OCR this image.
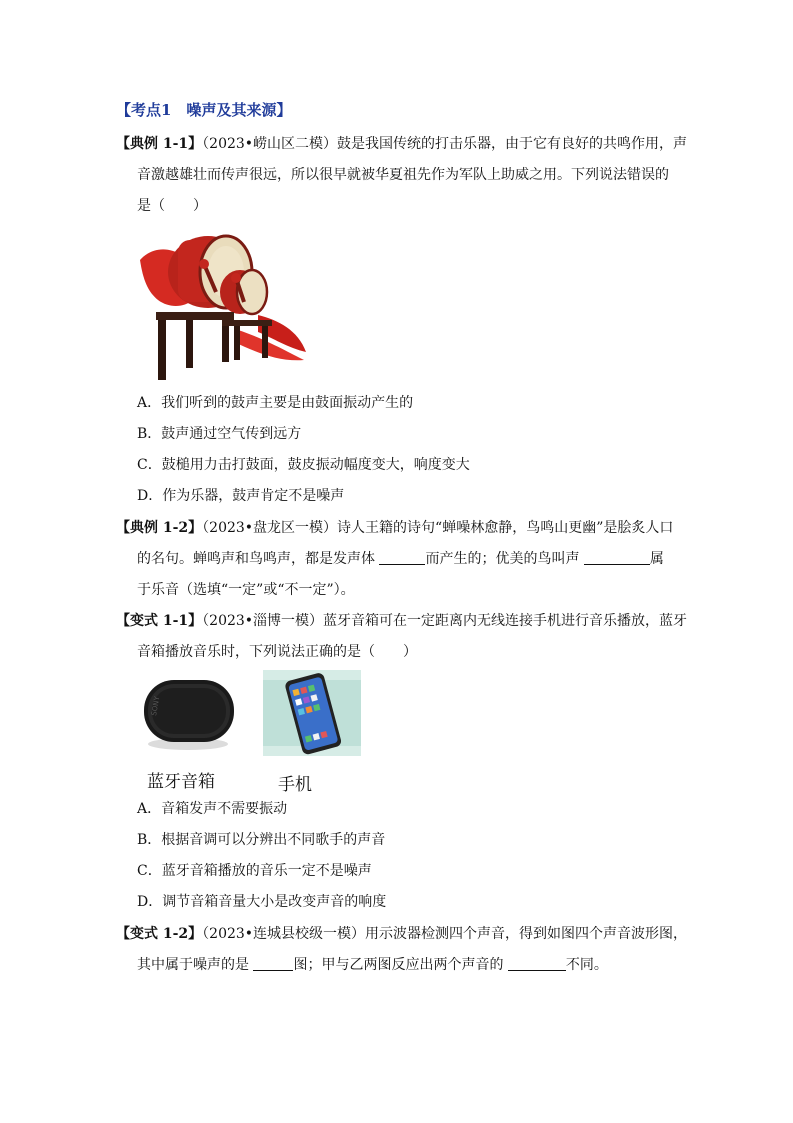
【考点1　噪声及其来源】
【典例 1-1】（2023•崂山区二模）鼓是我国传统的打击乐器，由于它有良好的共鸣作用，声
音激越雄壮而传声很远，所以很早就被华夏祖先作为军队上助威之用。下列说法错误的
是（　　）
A．我们听到的鼓声主要是由鼓面振动产生的
B．鼓声通过空气传到远方
C．鼓槌用力击打鼓面，鼓皮振动幅度变大，响度变大
D．作为乐器，鼓声肯定不是噪声
【典例 1-2】（2023•盘龙区一模）诗人王籍的诗句“蝉噪林愈静，鸟鸣山更幽”是脍炙人口
的名句。蝉鸣声和鸟鸣声，都是发声体	而产生的；优美的鸟叫声	属
于乐音（选填“一定”或“不一定”）。
【变式 1-1】（2023•淄博一模）蓝牙音箱可在一定距离内无线连接手机进行音乐播放，蓝牙
音箱播放音乐时，下列说法正确的是（　　）
SONY
蓝牙音箱	手机
A．音箱发声不需要振动
B．根据音调可以分辨出不同歌手的声音
C．蓝牙音箱播放的音乐一定不是噪声
D．调节音箱音量大小是改变声音的响度
【变式 1-2】（2023•连城县校级一模）用示波器检测四个声音，得到如图四个声音波形图，
其中属于噪声的是	图；甲与乙两图反应出两个声音的	不同。
